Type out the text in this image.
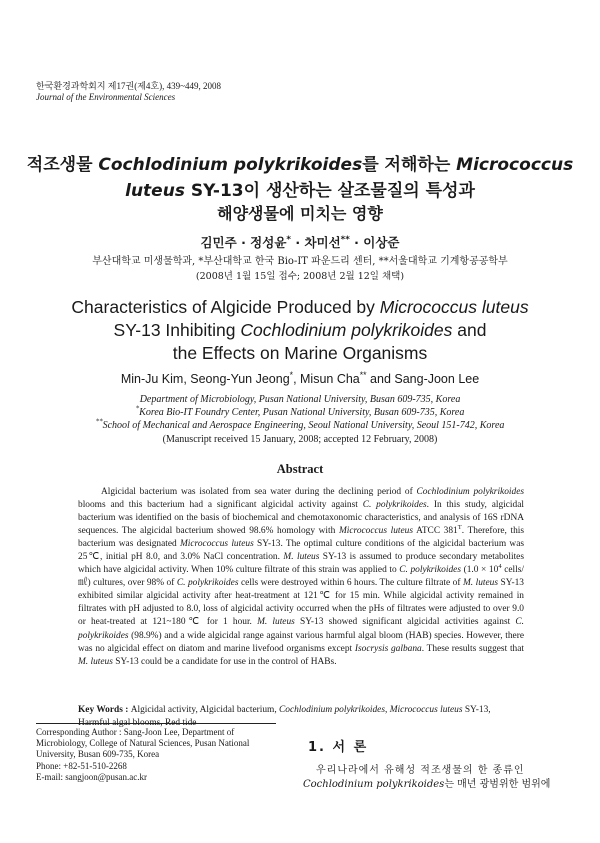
한국환경과학회지 제17권(제4호), 439~449, 2008
Journal of the Environmental Sciences
적조생물 Cochlodinium polykrikoides를 저해하는 Micrococcus
luteus SY-13이 생산하는 살조물질의 특성과
해양생물에 미치는 영향
김민주 · 정성윤* · 차미선** · 이상준
부산대학교 미생물학과, *부산대학교 한국 Bio-IT 파운드리 센터, **서울대학교 기계항공공학부
(2008년 1월 15일 접수; 2008년 2월 12일 채택)
Characteristics of Algicide Produced by Micrococcus luteus
SY-13 Inhibiting Cochlodinium polykrikoides and
the Effects on Marine Organisms
Min-Ju Kim, Seong-Yun Jeong*, Misun Cha** and Sang-Joon Lee
Department of Microbiology, Pusan National University, Busan 609-735, Korea
*Korea Bio-IT Foundry Center, Pusan National University, Busan 609-735, Korea
**School of Mechanical and Aerospace Engineering, Seoul National University, Seoul 151-742, Korea
(Manuscript received 15 January, 2008; accepted 12 February, 2008)
Abstract
Algicidal bacterium was isolated from sea water during the declining period of Cochlodinium polykrikoides blooms and this bacterium had a significant algicidal activity against C. polykrikoides. In this study, algicidal bacterium was identified on the basis of biochemical and chemotaxonomic characteristics, and analysis of 16S rDNA sequences. The algicidal bacterium showed 98.6% homology with Micrococcus luteus ATCC $381^T$. Therefore, this bacterium was designated Micrococcus luteus SY-13. The optimal culture conditions of the algicidal bacterium was 25℃, initial pH 8.0, and 3.0% NaCl concentration. M. luteus SY-13 is assumed to produce secondary metabolites which have algicidal activity. When 10% culture filtrate of this strain was applied to C. polykrikoides ($1.0 \times 10^4$ cells/㎖) cultures, over 98% of C. polykrikoides cells were destroyed within 6 hours. The culture filtrate of M. luteus SY-13 exhibited similar algicidal activity after heat-treatment at 121℃ for 15 min. While algicidal activity remained in filtrates with pH adjusted to 8.0, loss of algicidal activity occurred when the pHs of filtrates were adjusted to over 9.0 or heat-treated at 121~180℃ for 1 hour. M. luteus SY-13 showed significant algicidal activities against C. polykrikoides (98.9%) and a wide algicidal range against various harmful algal bloom (HAB) species. However, there was no algicidal effect on diatom and marine livefood organisms except Isocrysis galbana. These results suggest that M. luteus SY-13 could be a candidate for use in the control of HABs.
Key Words : Algicidal activity, Algicidal bacterium, Cochlodinium polykrikoides, Micrococcus luteus SY-13, Harmful algal blooms, Red tide
Corresponding Author : Sang-Joon Lee, Department of Microbiology, College of Natural Sciences, Pusan National University, Busan 609-735, Korea
Phone: +82-51-510-2268
E-mail: sangjoon@pusan.ac.kr
1. 서 론
우리나라에서 유해성 적조생물의 한 종류인
Cochlodinium polykrikoides는 매년 광범위한 범위에
